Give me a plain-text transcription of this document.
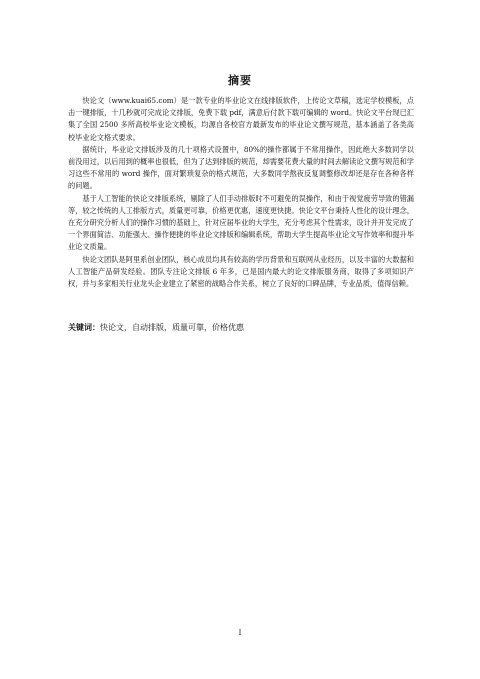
摘要

快论文（www.kuai65.com）是一款专业的毕业论文在线排版软件，上传论文草稿，选定学校模板，点击一键排版，十几秒就可完成论文排版，免费下载 pdf，满意后付款下载可编辑的 word。快论文平台现已汇集了全国 2500 多所高校毕业论文模板，均源自各校官方最新发布的毕业论文撰写规范，基本涵盖了各类高校毕业论文格式要求。

据统计，毕业论文排版涉及的几十项格式设置中，80%的操作都属于不常用操作，因此绝大多数同学以前没用过，以后用到的概率也很低，但为了达到排版的规范，却需要花费大量的时间去解读论文撰写规范和学习这些不常用的 word 操作，面对繁琐复杂的格式规范，大多数同学熬夜反复调整修改却还是存在各种各样的问题。

基于人工智能的快论文排版系统，剔除了人们手动排版时不可避免的误操作，和由于视觉疲劳导致的错漏等，较之传统的人工排版方式，质量更可靠，价格更优惠，速度更快捷。快论文平台秉持人性化的设计理念，在充分研究分析人们的操作习惯的基础上，针对应届毕业的大学生，充分考虑其个性需求，设计并开发完成了一个界面简洁、功能强大、操作便捷的毕业论文排版和编辑系统，帮助大学生提高毕业论文写作效率和提升毕业论文质量。

快论文团队是阿里系创业团队，核心成员均具有较高的学历背景和互联网从业经历，以及丰富的大数据和人工智能产品研发经验。团队专注论文排版 6 年多，已是国内最大的论文排版服务商，取得了多项知识产权，并与多家相关行业龙头企业建立了紧密的战略合作关系，树立了良好的口碑品牌，专业品质，值得信赖。

关键词：快论文，自动排版，质量可靠，价格优惠
I
